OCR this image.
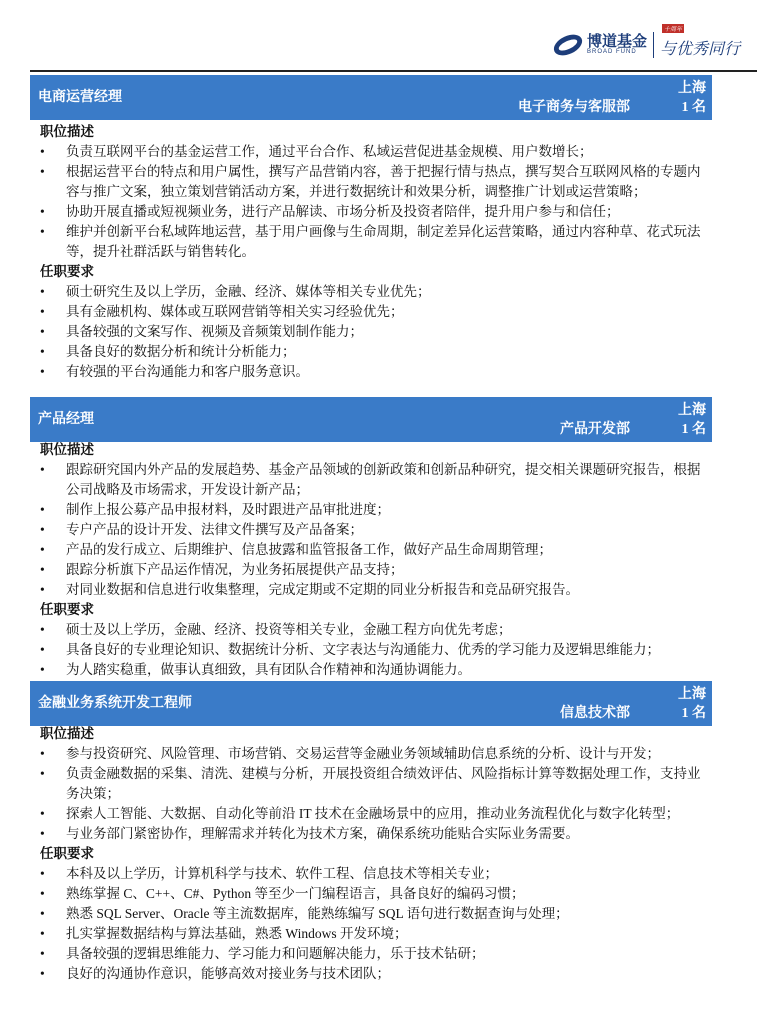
博道基金
BROAD FUND
十周年
与优秀同行
电商运营经理
电子商务与客服部
上海
1 名
职位描述
• 负责互联网平台的基金运营工作，通过平台合作、私域运营促进基金规模、用户数增长；
• 根据运营平台的特点和用户属性，撰写产品营销内容，善于把握行情与热点，撰写契合互联网风格的专题内容与推广文案，独立策划营销活动方案，并进行数据统计和效果分析，调整推广计划或运营策略；
• 协助开展直播或短视频业务，进行产品解读、市场分析及投资者陪伴，提升用户参与和信任；
• 维护并创新平台私域阵地运营，基于用户画像与生命周期，制定差异化运营策略，通过内容种草、花式玩法等，提升社群活跃与销售转化。
任职要求
• 硕士研究生及以上学历，金融、经济、媒体等相关专业优先；
• 具有金融机构、媒体或互联网营销等相关实习经验优先；
• 具备较强的文案写作、视频及音频策划制作能力；
• 具备良好的数据分析和统计分析能力；
• 有较强的平台沟通能力和客户服务意识。
产品经理
产品开发部
上海
1 名
职位描述
• 跟踪研究国内外产品的发展趋势、基金产品领域的创新政策和创新品种研究，提交相关课题研究报告，根据公司战略及市场需求，开发设计新产品；
• 制作上报公募产品申报材料，及时跟进产品审批进度；
• 专户产品的设计开发、法律文件撰写及产品备案；
• 产品的发行成立、后期维护、信息披露和监管报备工作，做好产品生命周期管理；
• 跟踪分析旗下产品运作情况，为业务拓展提供产品支持；
• 对同业数据和信息进行收集整理，完成定期或不定期的同业分析报告和竞品研究报告。
任职要求
• 硕士及以上学历，金融、经济、投资等相关专业，金融工程方向优先考虑；
• 具备良好的专业理论知识、数据统计分析、文字表达与沟通能力、优秀的学习能力及逻辑思维能力；
• 为人踏实稳重，做事认真细致，具有团队合作精神和沟通协调能力。
金融业务系统开发工程师
信息技术部
上海
1 名
职位描述
• 参与投资研究、风险管理、市场营销、交易运营等金融业务领域辅助信息系统的分析、设计与开发；
• 负责金融数据的采集、清洗、建模与分析，开展投资组合绩效评估、风险指标计算等数据处理工作，支持业务决策；
• 探索人工智能、大数据、自动化等前沿 IT 技术在金融场景中的应用，推动业务流程优化与数字化转型；
• 与业务部门紧密协作，理解需求并转化为技术方案，确保系统功能贴合实际业务需要。
任职要求
• 本科及以上学历，计算机科学与技术、软件工程、信息技术等相关专业；
• 熟练掌握 C、C++、C#、Python 等至少一门编程语言，具备良好的编码习惯；
• 熟悉 SQL Server、Oracle 等主流数据库，能熟练编写 SQL 语句进行数据查询与处理；
• 扎实掌握数据结构与算法基础，熟悉 Windows 开发环境；
• 具备较强的逻辑思维能力、学习能力和问题解决能力，乐于技术钻研；
• 良好的沟通协作意识，能够高效对接业务与技术团队；
